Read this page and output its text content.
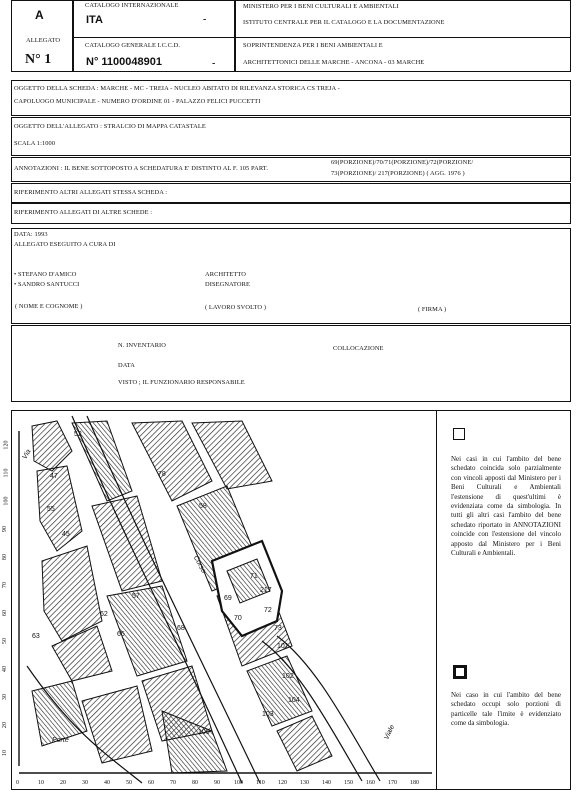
A
ALLEGATO
N° 1
CATALOGO INTERNAZIONALE
ITA	-
CATALOGO GENERALE I.C.C.D.
N° 1100048901	-
MINISTERO PER I BENI CULTURALI E AMBIENTALI
ISTITUTO CENTRALE PER IL CATALOGO E LA DOCUMENTAZIONE
SOPRINTENDENZA PER I BENI AMBIENTALI E
ARCHITETTONICI DELLE MARCHE - ANCONA - 03 MARCHE
OGGETTO DELLA SCHEDA : MARCHE - MC - TREIA - NUCLEO ABITATO DI RILEVANZA STORICA CS TREJA -
CAPOLUOGO MUNICIPALE - NUMERO D'ORDINE 01 - PALAZZO FELICI PUCCETTI
OGGETTO DELL'ALLEGATO : STRALCIO DI MAPPA CATASTALE
SCALA 1:1000
ANNOTAZIONI : IL BENE SOTTOPOSTO A SCHEDATURA E' DISTINTO AL F. 105 PART.
69(PORZIONE)/70/71(PORZIONE)/72(PORZIONE/
73(PORZIONE)/ 217(PORZIONE) ( AGG. 1976 )
RIFERIMENTO ALTRI ALLEGATI STESSA SCHEDA :
RIFERIMENTO ALLEGATI DI ALTRE SCHEDE :
DATA: 1993
ALLEGATO ESEGUITO A CURA DI
• STEFANO D'AMICO
• SANDRO SANTUCCI
ARCHITETTO
DISEGNATORE
( NOME E COGNOME )	( LAVORO SVOLTO )	( FIRMA )
N. INVENTARIO	COLLOCAZIONE
DATA
VISTO ; IL FUNZIONARIO RESPONSABILE
120
110
100
90
80
70
60
50
40
30
20
10
0	10	20	30	40	50	60	70	80	90 100 110 120 130 140 150 160 170 180
52
58
57
62
68
69
70
71
72
73
217
100
101
102
104
65
63
55
47
45
78
103
Corso
Porte	Viale
Via	Nei casi in cui l'ambito del bene schedato coincida solo parzialmente con vincoli apposti dal Ministero per i Beni Culturali e Ambientali l'estensione di quest'ultimi è evidenziata come da simbologia. In tutti gli altri casi l'ambito del bene schedato riportato in ANNOTAZIONI coincide con l'estensione del vincolo apposto dal Ministero per i Beni Culturali e Ambientali.

Nei caso in cui l'ambito del bene schedato occupi solo porzioni di particelle tale l'imite è evidenziato come da simbologia.
